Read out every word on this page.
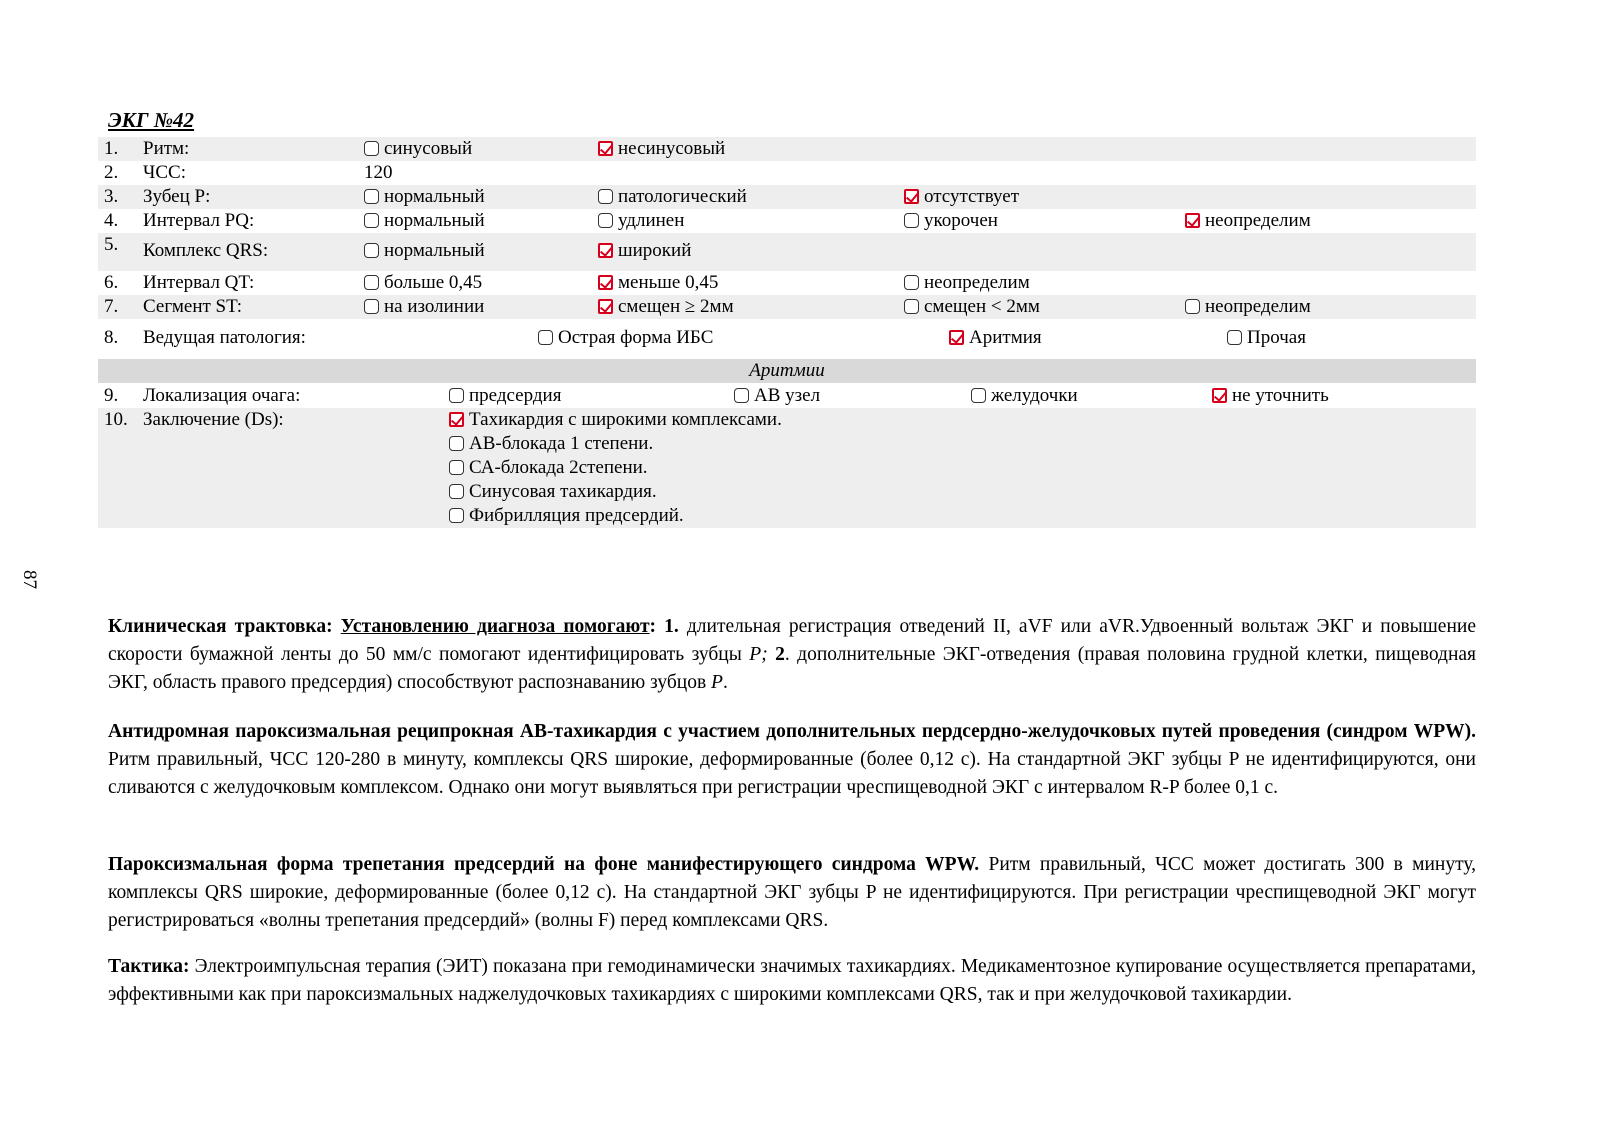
ЭКГ №42
1. Ритм:	синусовый	несинусовый
2. ЧСС:	120
3. Зубец P:	нормальный	патологический	отсутствует
4. Интервал PQ:	нормальный	удлинен	укорочен	неопределим
5. Комплекс QRS:	нормальный	широкий
6. Интервал QT:	больше 0,45	меньше 0,45	неопределим
7. Сегмент ST:	на изолинии	смещен ≥ 2мм	смещен < 2мм	неопределим
8. Ведущая патология:	Острая форма ИБС	Аритмия	Прочая
Аритмии
9. Локализация очага:	предсердия	АВ узел	желудочки	не уточнить
10. Заключение (Ds):	Тахикардия с широкими комплексами.
АВ-блокада 1 степени.
СА-блокада 2степени.
Синусовая тахикардия.
Фибрилляция предсердий.
87
Клиническая трактовка: Установлению диагноза помогают: 1. длительная регистрация отведений II, aVF или aVR.Удвоенный вольтаж ЭКГ и повышение скорости бумажной ленты до 50 мм/с помогают идентифицировать зубцы P; 2. дополнительные ЭКГ-отведения (правая половина грудной клетки, пищеводная ЭКГ, область правого предсердия) способствуют распознаванию зубцов P.
Антидромная пароксизмальная реципрокная АВ-тахикардия с участием дополнительных пердсердно-желудочковых путей проведения (синдром WPW). Ритм правильный, ЧСС 120-280 в минуту, комплексы QRS широкие, деформированные (более 0,12 с). На стандартной ЭКГ зубцы P не идентифицируются, они сливаются с желудочковым комплексом. Однако они могут выявляться при регистрации чреспищеводной ЭКГ с интервалом R-P более 0,1 с.
Пароксизмальная форма трепетания предсердий на фоне манифестирующего синдрома WPW. Ритм правильный, ЧСС может достигать 300 в минуту, комплексы QRS широкие, деформированные (более 0,12 с). На стандартной ЭКГ зубцы P не идентифицируются. При регистрации чреспищеводной ЭКГ могут регистрироваться «волны трепетания предсердий» (волны F) перед комплексами QRS.
Тактика: Электроимпульсная терапия (ЭИТ) показана при гемодинамически значимых тахикардиях. Медикаментозное купирование осуществляется препаратами, эффективными как при пароксизмальных наджелудочковых тахикардиях с широкими комплексами QRS, так и при желудочковой тахикардии.
